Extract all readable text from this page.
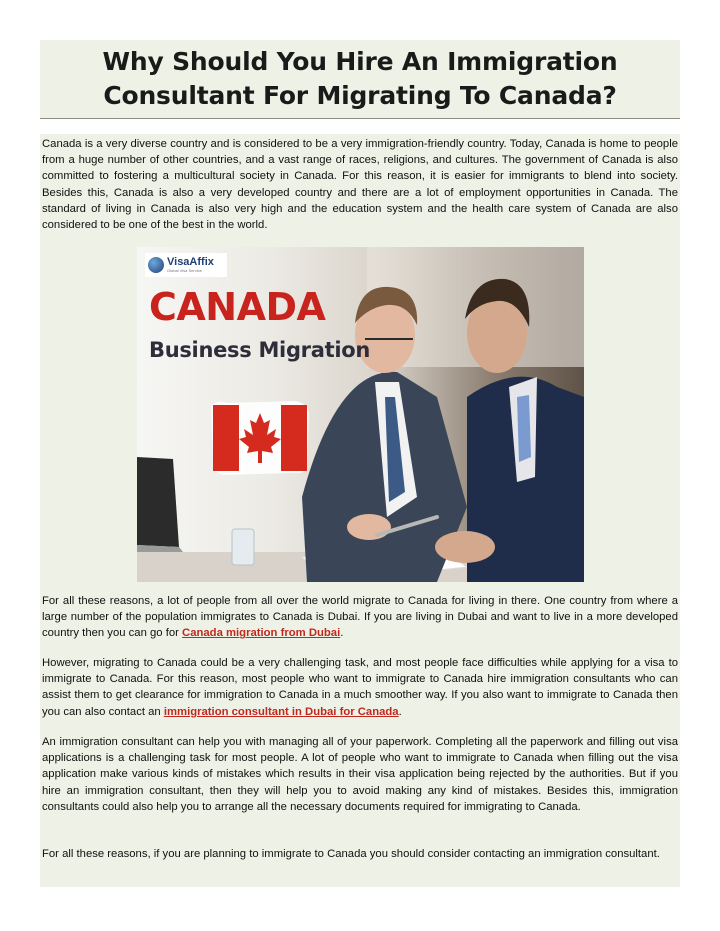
Why Should You Hire An Immigration
Consultant For Migrating To Canada?

Canada is a very diverse country and is considered to be a very immigration-friendly country. Today, Canada is home to people from a huge number of other countries, and a vast range of races, religions, and cultures. The government of Canada is also committed to fostering a multicultural society in Canada. For this reason, it is easier for immigrants to blend into society. Besides this, Canada is also a very developed country and there are a lot of employment opportunities in Canada. The standard of living in Canada is also very high and the education system and the health care system of Canada are also considered to be one of the best in the world.

VisaAffix
Global Visa Service
CANADA
Business Migration

For all these reasons, a lot of people from all over the world migrate to Canada for living in there. One country from where a large number of the population immigrates to Canada is Dubai. If you are living in Dubai and want to live in a more developed country then you can go for Canada migration from Dubai.

However, migrating to Canada could be a very challenging task, and most people face difficulties while applying for a visa to immigrate to Canada. For this reason, most people who want to immigrate to Canada hire immigration consultants who can assist them to get clearance for immigration to Canada in a much smoother way. If you also want to immigrate to Canada then you can also contact an immigration consultant in Dubai for Canada.

An immigration consultant can help you with managing all of your paperwork. Completing all the paperwork and filling out visa applications is a challenging task for most people. A lot of people who want to immigrate to Canada when filling out the visa application make various kinds of mistakes which results in their visa application being rejected by the authorities. But if you hire an immigration consultant, then they will help you to avoid making any kind of mistakes. Besides this, immigration consultants could also help you to arrange all the necessary documents required for immigrating to Canada.

For all these reasons, if you are planning to immigrate to Canada you should consider contacting an immigration consultant.
